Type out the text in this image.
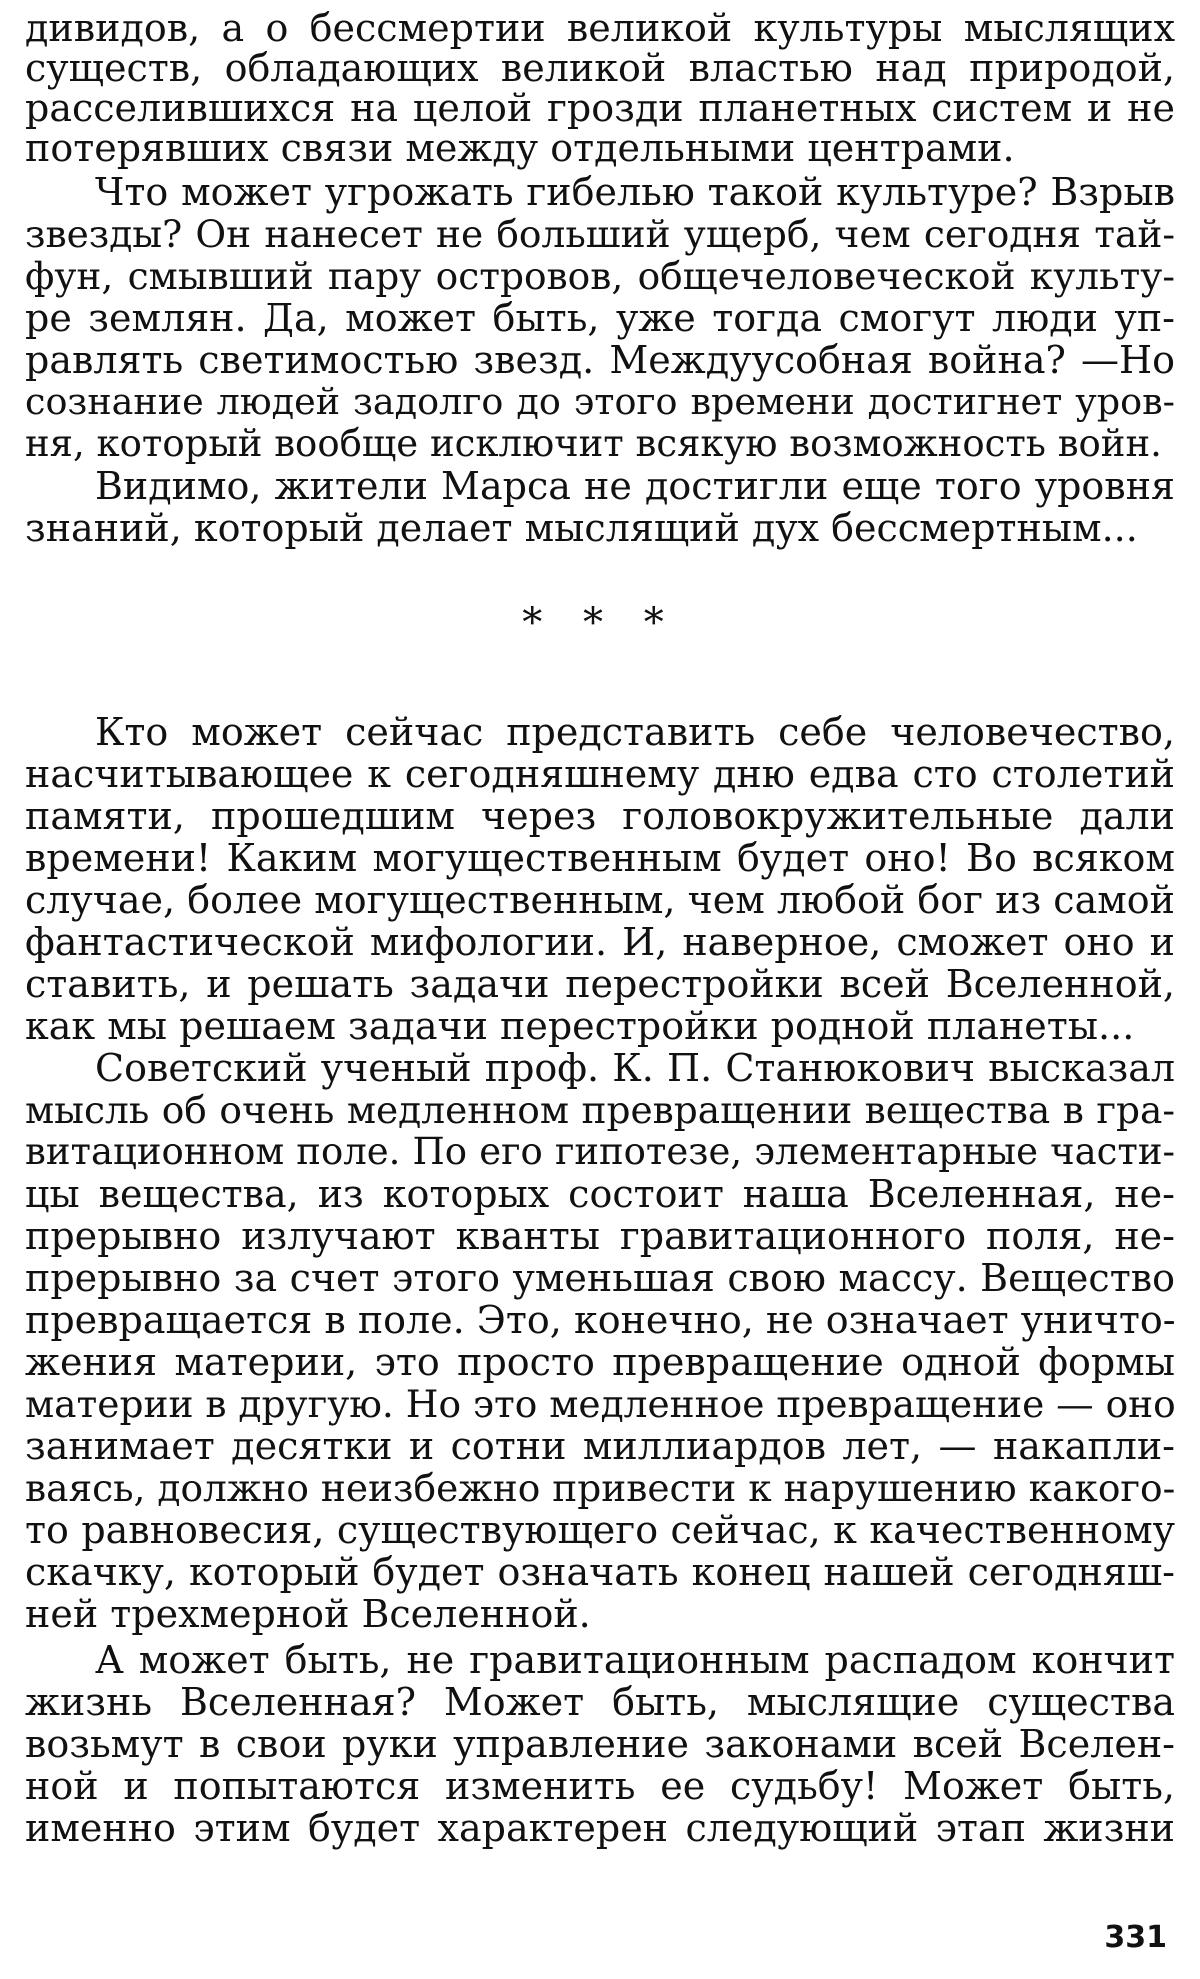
дивидов, а о бессмертии великой культуры мыслящих
существ, обладающих великой властью над природой,
расселившихся на целой грозди планетных систем и не
потерявших связи между отдельными центрами.
Что может угрожать гибелью такой культуре? Взрыв
звезды? Он нанесет не больший ущерб, чем сегодня тай-
фун, смывший пару островов, общечеловеческой культу-
ре землян. Да, может быть, уже тогда смогут люди уп-
равлять светимостью звезд. Междуусобная война? —Но
сознание людей задолго до этого времени достигнет уров-
ня, который вообще исключит всякую возможность войн.
Видимо, жители Марса не достигли еще того уровня
знаний, который делает мыслящий дух бессмертным...
* * *
Кто может сейчас представить себе человечество,
насчитывающее к сегодняшнему дню едва сто столетий
памяти, прошедшим через головокружительные дали
времени! Каким могущественным будет оно! Во всяком
случае, более могущественным, чем любой бог из самой
фантастической мифологии. И, наверное, сможет оно и
ставить, и решать задачи перестройки всей Вселенной,
как мы решаем задачи перестройки родной планеты...
Советский ученый проф. К. П. Станюкович высказал
мысль об очень медленном превращении вещества в гра-
витационном поле. По его гипотезе, элементарные части-
цы вещества, из которых состоит наша Вселенная, не-
прерывно излучают кванты гравитационного поля, не-
прерывно за счет этого уменьшая свою массу. Вещество
превращается в поле. Это, конечно, не означает уничто-
жения материи, это просто превращение одной формы
материи в другую. Но это медленное превращение — оно
занимает десятки и сотни миллиардов лет, — накапли-
ваясь, должно неизбежно привести к нарушению какого-
то равновесия, существующего сейчас, к качественному
скачку, который будет означать конец нашей сегодняш-
ней трехмерной Вселенной.
А может быть, не гравитационным распадом кончит
жизнь Вселенная? Может быть, мыслящие существа
возьмут в свои руки управление законами всей Вселен-
ной и попытаются изменить ее судьбу! Может быть,
именно этим будет характерен следующий этап жизни
331
